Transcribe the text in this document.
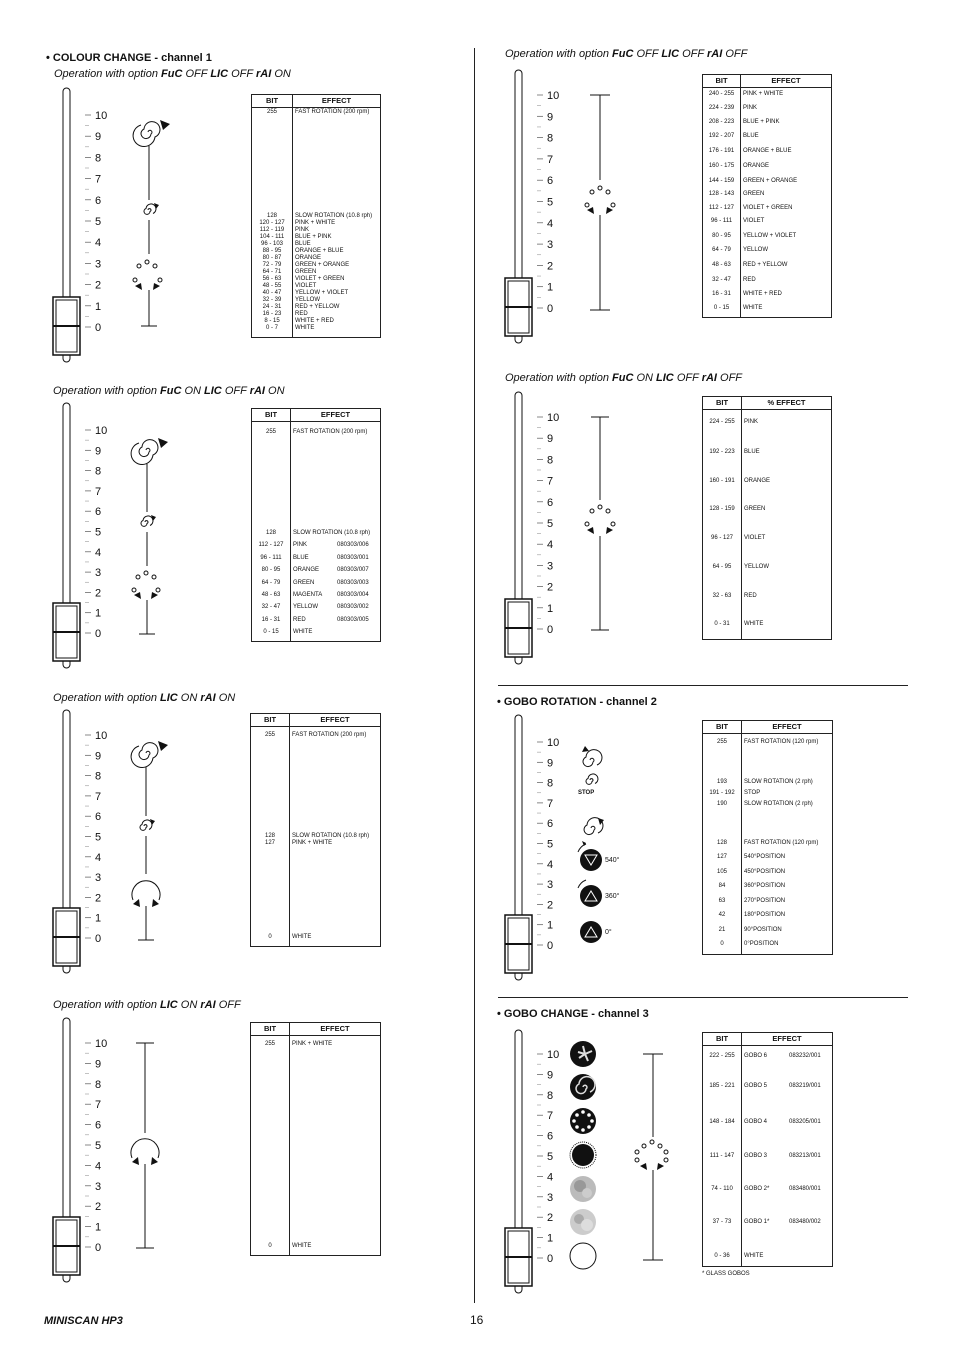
• COLOUR CHANGE - channel 1
• GOBO ROTATION - channel 2
• GOBO CHANGE - channel 3
Operation with option FuC OFF LIC OFF rAI ON
Operation with option FuC ON LIC OFF rAI ON
Operation with option LIC ON rAI ON
Operation with option LIC ON rAI OFF
Operation with option FuC OFF LIC OFF rAI OFF
Operation with option FuC ON LIC OFF rAI OFF
10
9
8
7
6
5
4
3
2
1
0
10
9
8
7
6
5
4
3
2
1
0
10
9
8
7
6
5
4
3
2
1
0
10
9
8
7
6
5
4
3
2
1
0
10
9
8
7
6
5
4
3
2
1
0
10
9
8
7
6
5
4
3
2
1
0
10
9
8
7
6
5
4
3
2
1
0
10
9
8
7
6
5
4
3
2
1
0
STOP
540°
360°
0°
BIT	EFFECT
255	FAST ROTATION (200 rpm)
128	SLOW ROTATION (10.8 rph)
120 - 127	PINK + WHITE
112 - 119	PINK
104 - 111	BLUE + PINK
96 - 103	BLUE
88 - 95	ORANGE + BLUE
80 - 87	ORANGE
72 - 79	GREEN + ORANGE
64 - 71	GREEN
56 - 63	VIOLET + GREEN
48 - 55	VIOLET
40 - 47	YELLOW + VIOLET
32 - 39	YELLOW
24 - 31	RED + YELLOW
16 - 23	RED
8 - 15	WHITE + RED
0 - 7	WHITE
BIT	EFFECT
255	FAST ROTATION (200 rpm)
128	SLOW ROTATION (10.8 rph)
112 - 127	PINK	080303/006
96 - 111	BLUE	080303/001
80 - 95	ORANGE	080303/007
64 - 79	GREEN	080303/003
48 - 63	MAGENTA 080303/004
32 - 47	YELLOW	080303/002
16 - 31	RED	080303/005
0 - 15	WHITE
BIT	EFFECT
255	FAST ROTATION (200 rpm)
128	SLOW ROTATION (10.8 rph)
127	PINK + WHITE
0	WHITE
BIT	EFFECT
255	PINK + WHITE
0	WHITE
BIT	EFFECT
240 - 255	PINK + WHITE
224 - 239	PINK
208 - 223	BLUE + PINK
192 - 207	BLUE
176 - 191	ORANGE + BLUE
160 - 175	ORANGE
144 - 159	GREEN + ORANGE
128 - 143	GREEN
112 - 127	VIOLET + GREEN
96 - 111	VIOLET
80 - 95	YELLOW + VIOLET
64 - 79	YELLOW
48 - 63	RED + YELLOW
32 - 47	RED
16 - 31	WHITE + RED
0 - 15	WHITE
BIT	% EFFECT
224 - 255	PINK
192 - 223	BLUE
160 - 191	ORANGE
128 - 159	GREEN
96 - 127	VIOLET
64 - 95	YELLOW
32 - 63	RED
0 - 31	WHITE
BIT	EFFECT
255	FAST ROTATION (120 rpm)
193	SLOW ROTATION (2 rph)
191 - 192	STOP
190	SLOW ROTATION (2 rph)
128	FAST ROTATION (120 rpm)
127	540°POSITION
105	450°POSITION
84	360°POSITION
63	270°POSITION
42	180°POSITION
21	90°POSITION
0	0°POSITION
BIT	EFFECT
222 - 255	GOBO 6	083232/001
185 - 221	GOBO 5	083219/001
148 - 184	GOBO 4	083205/001
111 - 147	GOBO 3	083213/001
74 - 110	GOBO 2*	083480/001
37 - 73	GOBO 1*	083480/002
0 - 36	WHITE
* GLASS GOBOS
MINISCAN HP3	16
